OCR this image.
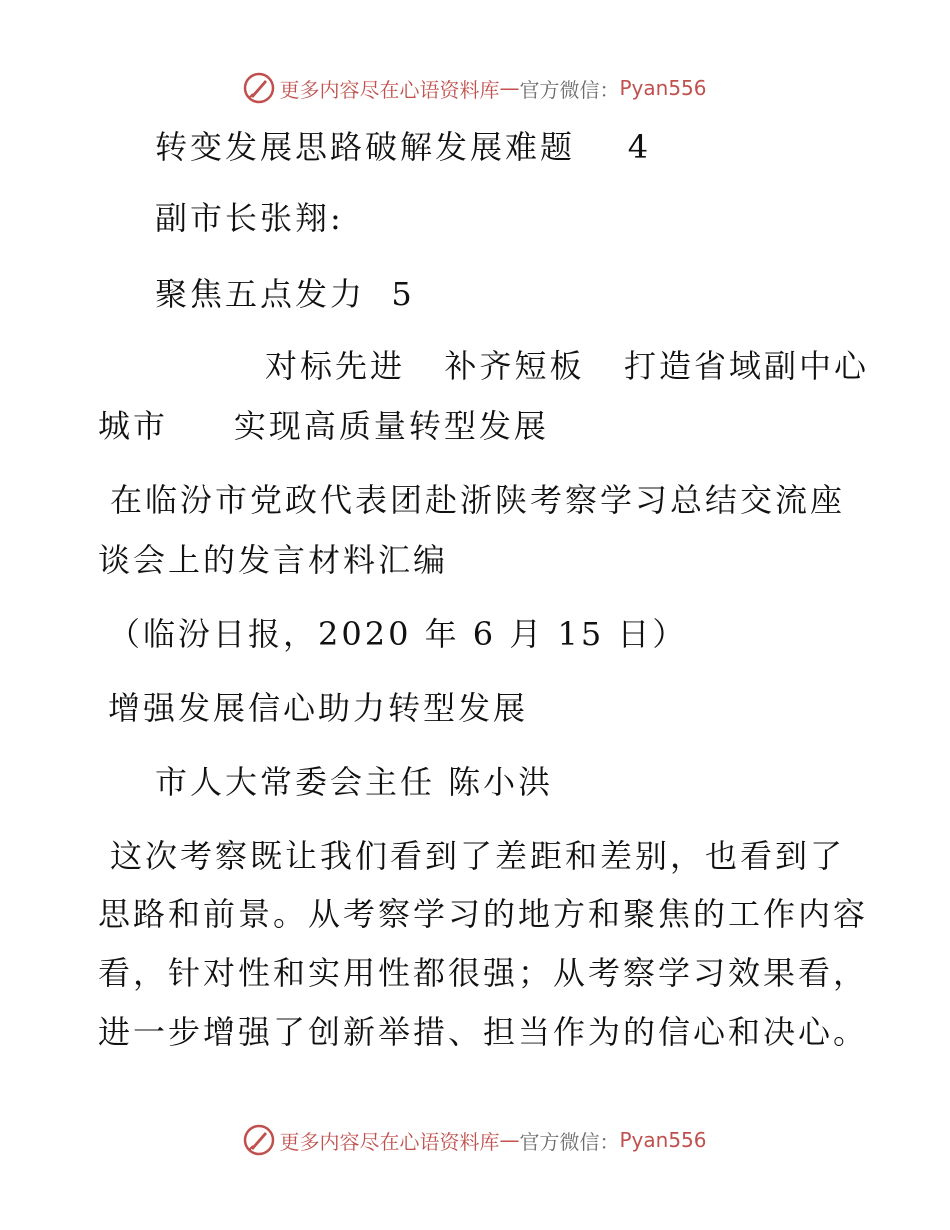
更多内容尽在心语资料库 — 官方微信： Pyan556
转变发展思路破解发展难题    4
副市长张翔:
聚焦五点发力  5
对标先进   补齐短板   打造省域副中心
城市     实现高质量转型发展
在临汾市党政代表团赴浙陕考察学习总结交流座
谈会上的发言材料汇编
（临汾日报，2020 年 6 月 15 日）
增强发展信心助力转型发展
市人大常委会主任 陈小洪
这次考察既让我们看到了差距和差别，也看到了
思路和前景。从考察学习的地方和聚焦的工作内容
看，针对性和实用性都很强；从考察学习效果看，
进一步增强了创新举措、担当作为的信心和决心。
更多内容尽在心语资料库 — 官方微信： Pyan556
